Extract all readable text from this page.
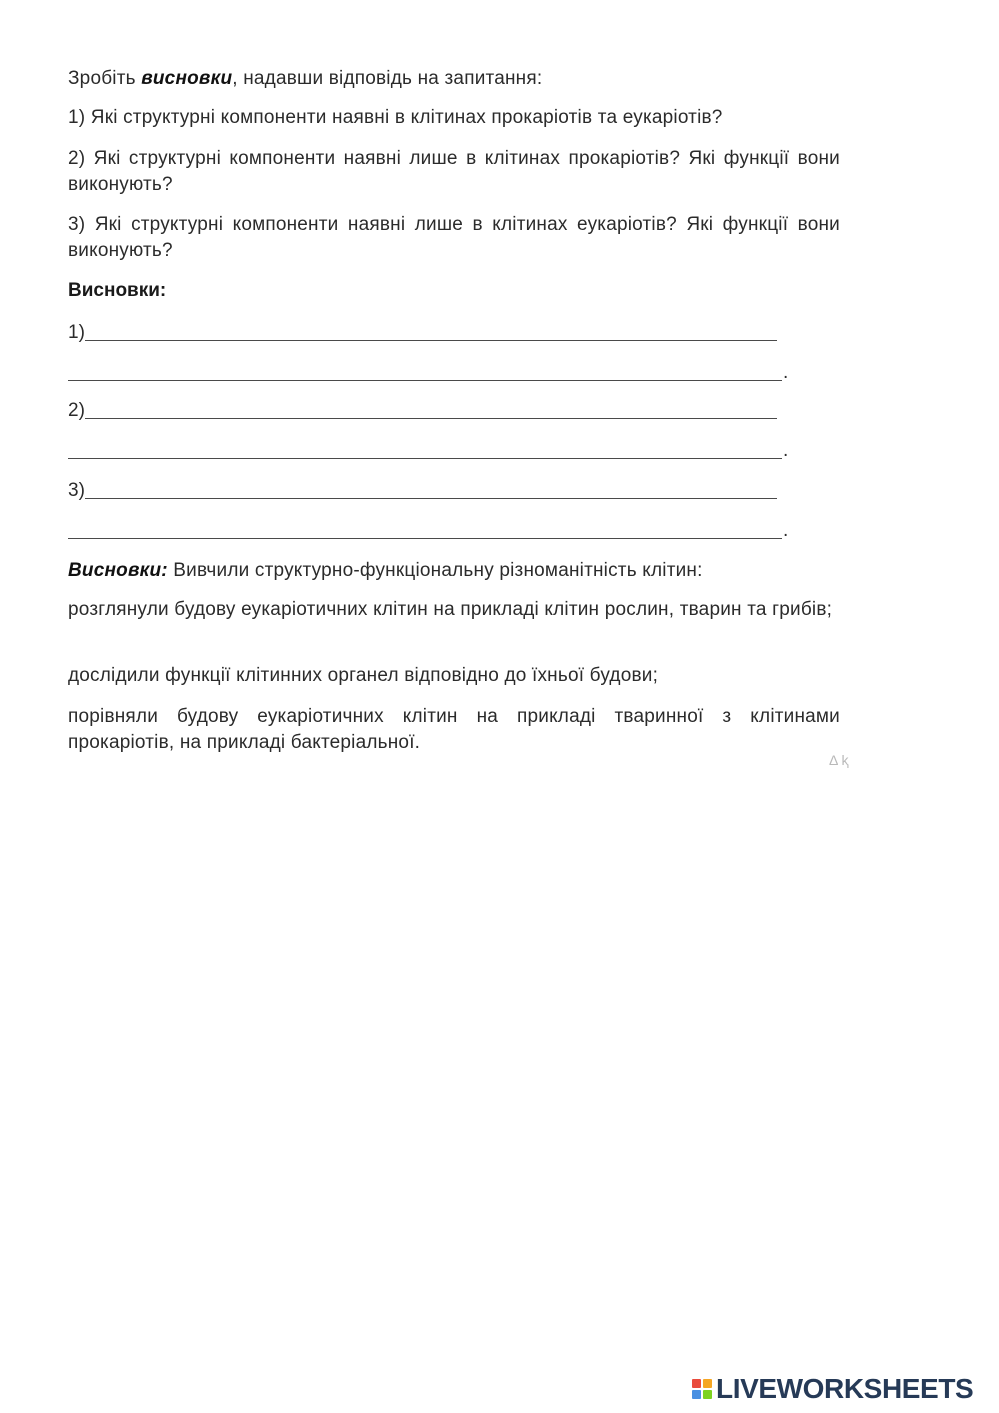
Зробіть висновки, надавши відповідь на запитання:

1) Які структурні компоненти наявні в клітинах прокаріотів та еукаріотів?

2) Які структурні компоненти наявні лише в клітинах прокаріотів? Які функції вони виконують?

3) Які структурні компоненти наявні лише в клітинах еукаріотів? Які функції вони виконують?

Висновки:
1)
.
2)
.
3)
.

Висновки: Вивчили структурно-функціональну різноманітність клітин:

розглянули будову еукаріотичних клітин на прикладі клітин рослин, тварин та грибів;

дослідили функції клітинних органел відповідно до їхньої будови;

порівняли будову еукаріотичних клітин на прикладі тваринної з клітинами прокаріотів, на прикладі бактеріальної.

Δ ⱪ
LIVEWORKSHEETS
